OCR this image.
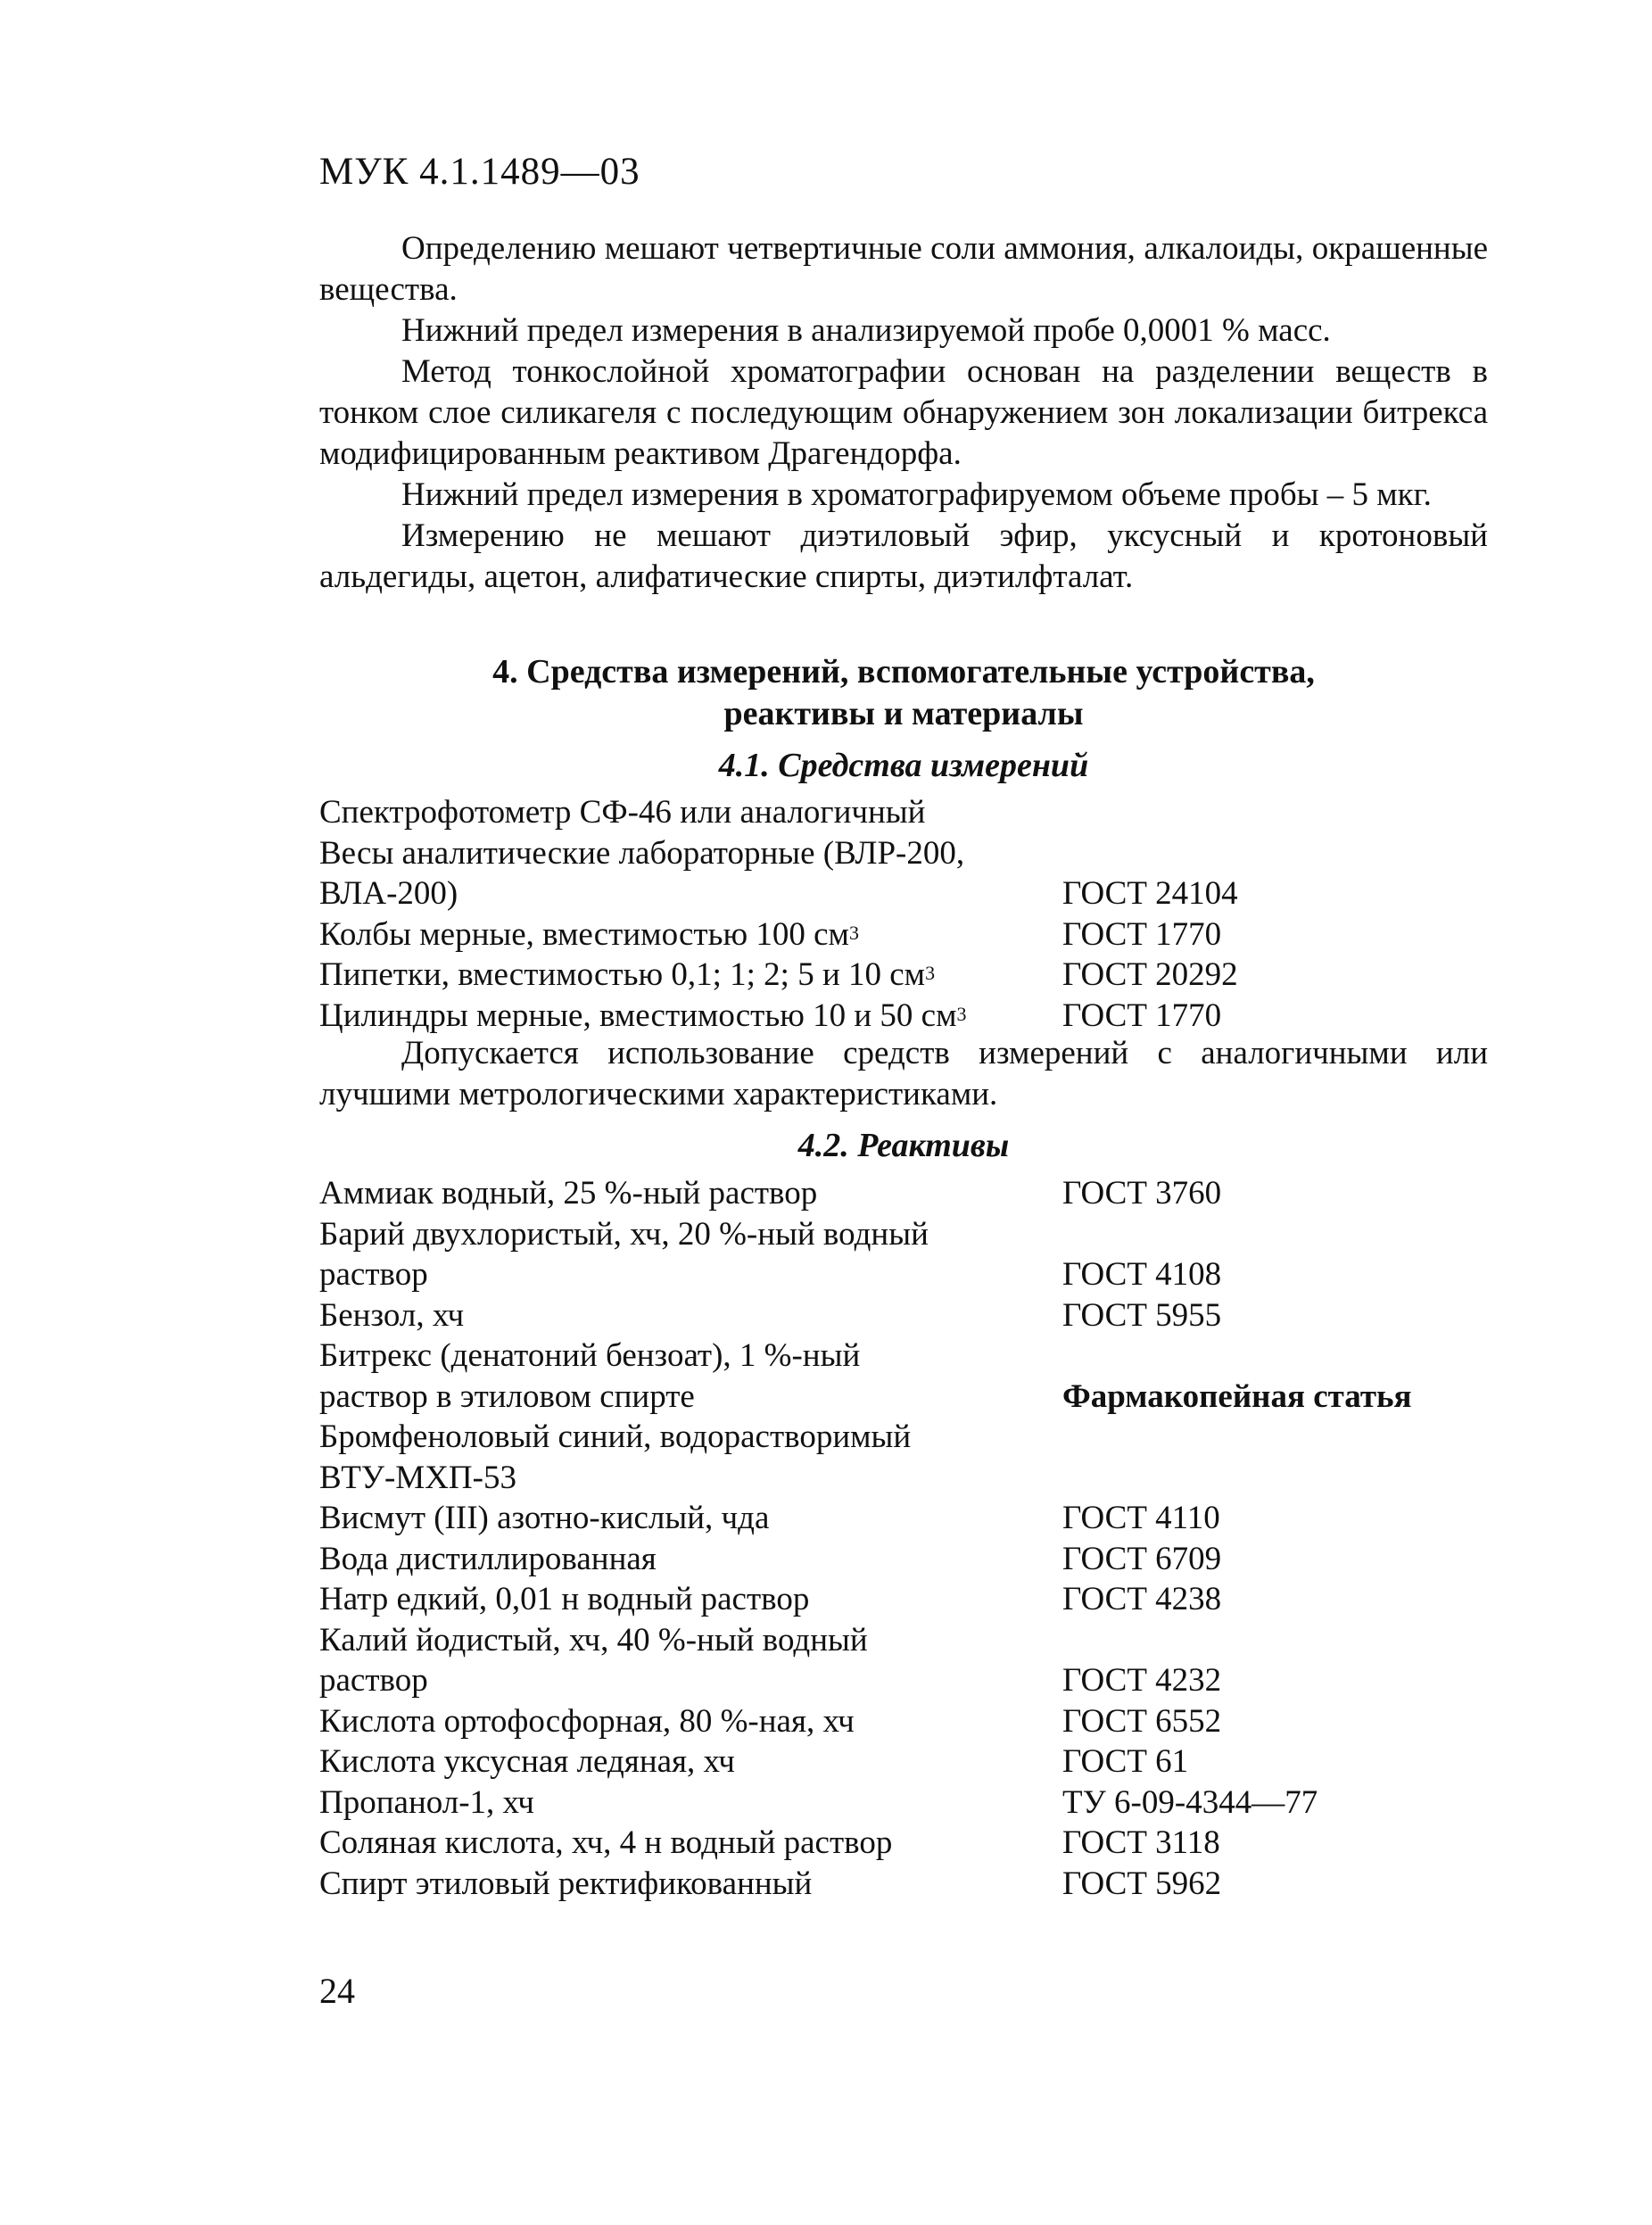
МУК 4.1.1489—03

Определению мешают четвертичные соли аммония, алкалоиды, окрашенные вещества.

Нижний предел измерения в анализируемой пробе 0,0001 % масс.

Метод тонкослойной хроматографии основан на разделении веществ в тонком слое силикагеля с последующим обнаружением зон локализации битрекса модифицированным реактивом Драгендорфа.

Нижний предел измерения в хроматографируемом объеме пробы – 5 мкг.

Измерению не мешают диэтиловый эфир, уксусный и кротоновый альдегиды, ацетон, алифатические спирты, диэтилфталат.

4. Средства измерений, вспомогательные устройства,
реактивы и материалы
4.1. Средства измерений
Спектрофотометр СФ-46 или аналогичный
Весы аналитические лабораторные (ВЛР-200,
ВЛА-200)	ГОСТ 24104
Колбы мерные, вместимостью 100 $см^3$	ГОСТ 1770
Пипетки, вместимостью 0,1; 1; 2; 5 и 10 $см^3$	ГОСТ 20292
Цилиндры мерные, вместимостью 10 и 50 $см^3$	ГОСТ 1770

Допускается использование средств измерений с аналогичными или лучшими метрологическими характеристиками.

4.2. Реактивы
Аммиак водный, 25 %-ный раствор	ГОСТ 3760
Барий двухлористый, хч, 20 %-ный водный
раствор	ГОСТ 4108
Бензол, хч	ГОСТ 5955
Битрекс (денатоний бензоат), 1 %-ный
раствор в этиловом спирте	Фармакопейная статья
Бромфеноловый синий, водорастворимый
ВТУ-МХП-53
Висмут (III) азотно-кислый, чда	ГОСТ 4110
Вода дистиллированная	ГОСТ 6709
Натр едкий, 0,01 н водный раствор	ГОСТ 4238
Калий йодистый, хч, 40 %-ный водный
раствор	ГОСТ 4232
Кислота ортофосфорная, 80 %-ная, хч	ГОСТ 6552
Кислота уксусная ледяная, хч	ГОСТ 61
Пропанол-1, хч	ТУ 6-09-4344—77
Соляная кислота, хч, 4 н водный раствор	ГОСТ 3118
Спирт этиловый ректификованный	ГОСТ 5962
24
